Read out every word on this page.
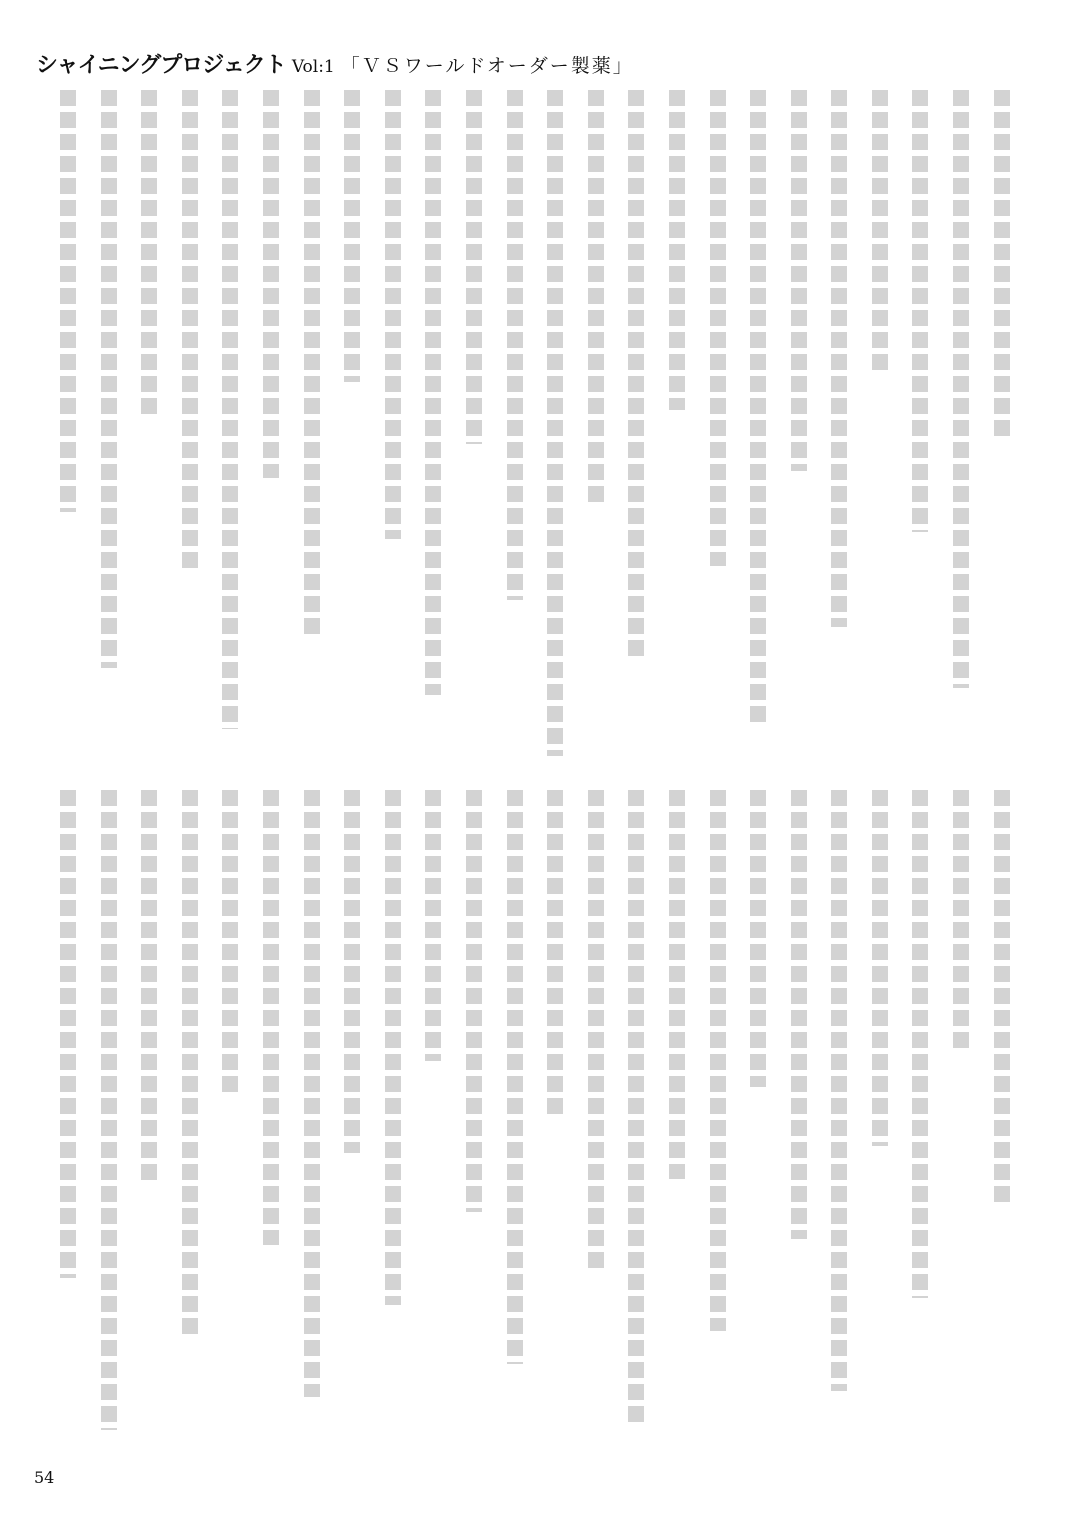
シャイニングプロジェクト Vol:1 「ＶＳワールドオーダー製薬」
54
